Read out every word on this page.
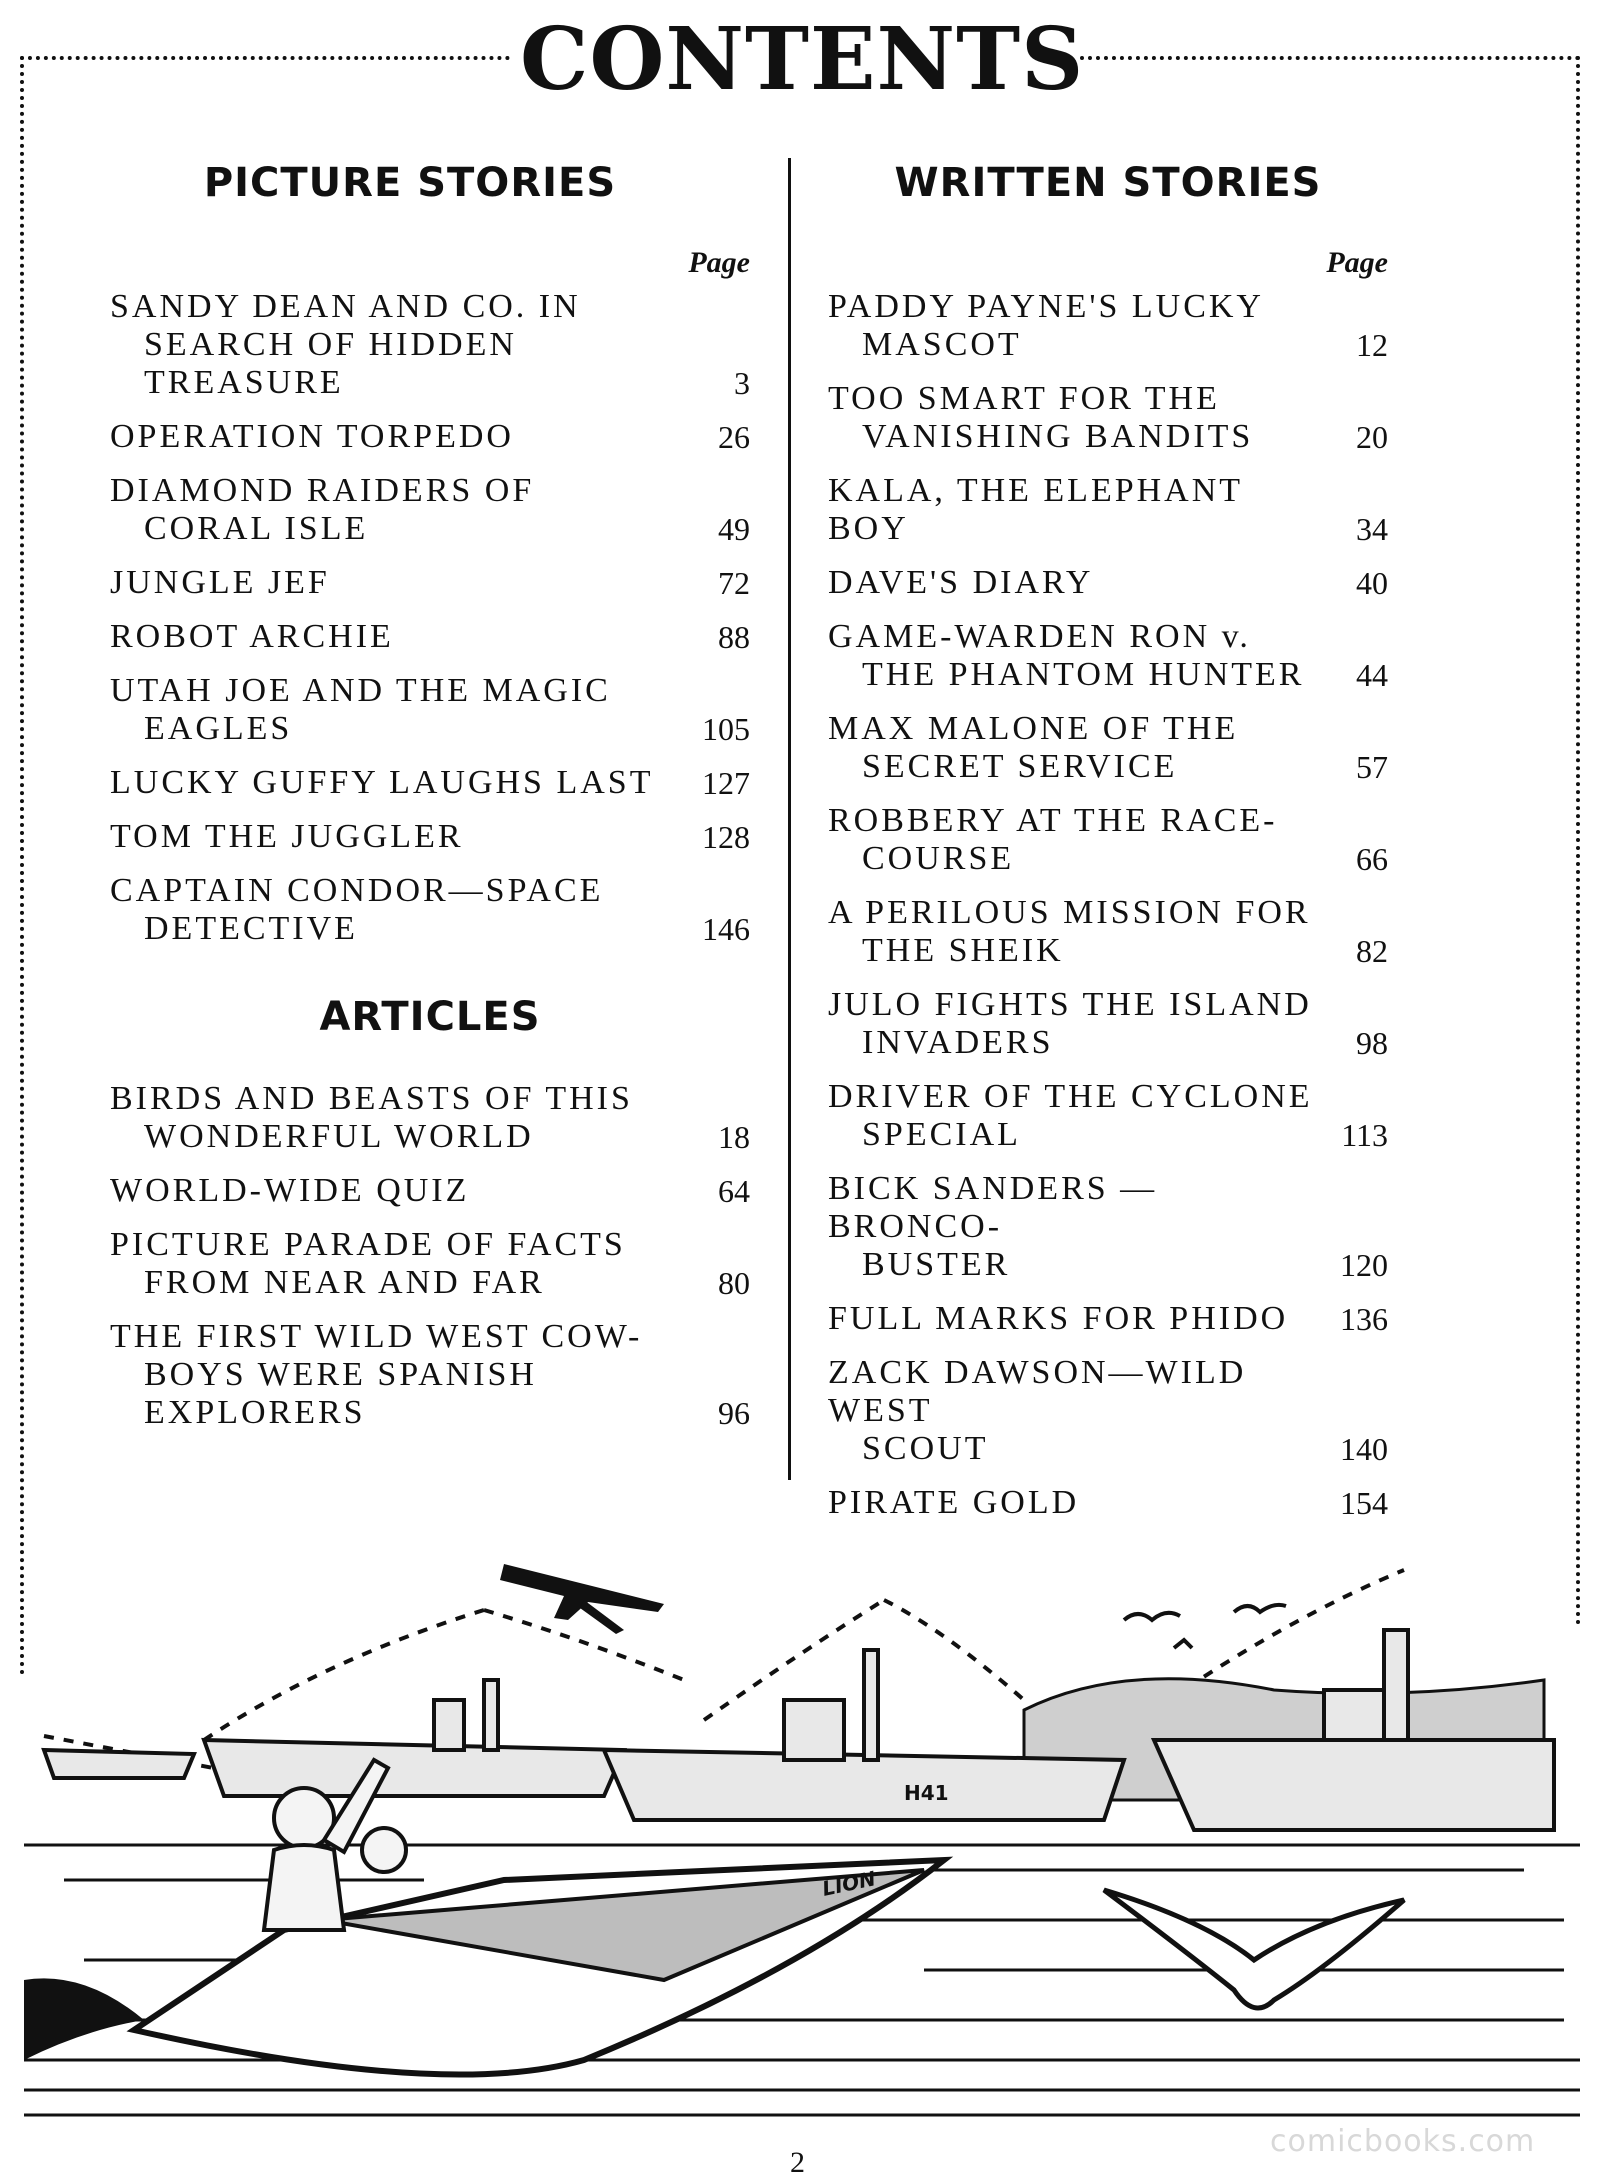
CONTENTS
PICTURE STORIES
Page
SANDY DEAN AND CO. IN
SEARCH OF HIDDEN
TREASURE	3
OPERATION TORPEDO	26
DIAMOND RAIDERS OF
CORAL ISLE	49
JUNGLE JEF	72
ROBOT ARCHIE	88
UTAH JOE AND THE MAGIC
EAGLES	105
LUCKY GUFFY LAUGHS LAST	127
TOM THE JUGGLER	128
CAPTAIN CONDOR—SPACE
DETECTIVE	146
ARTICLES
BIRDS AND BEASTS OF THIS
WONDERFUL WORLD	18
WORLD-WIDE QUIZ	64
PICTURE PARADE OF FACTS
FROM NEAR AND FAR	80
THE FIRST WILD WEST COW-
BOYS WERE SPANISH
EXPLORERS	96
WRITTEN STORIES
Page
PADDY PAYNE'S LUCKY
MASCOT	12
TOO SMART FOR THE
VANISHING BANDITS	20
KALA, THE ELEPHANT BOY	34
DAVE'S DIARY	40
GAME-WARDEN RON v.
THE PHANTOM HUNTER	44
MAX MALONE OF THE
SECRET SERVICE	57
ROBBERY AT THE RACE-
COURSE	66
A PERILOUS MISSION FOR
THE SHEIK	82
JULO FIGHTS THE ISLAND
INVADERS	98
DRIVER OF THE CYCLONE
SPECIAL	113
BICK SANDERS — BRONCO-
BUSTER	120
FULL MARKS FOR PHIDO	136
ZACK DAWSON—WILD WEST
SCOUT	140
PIRATE GOLD	154
H41
LION
comicbooks.com
2
